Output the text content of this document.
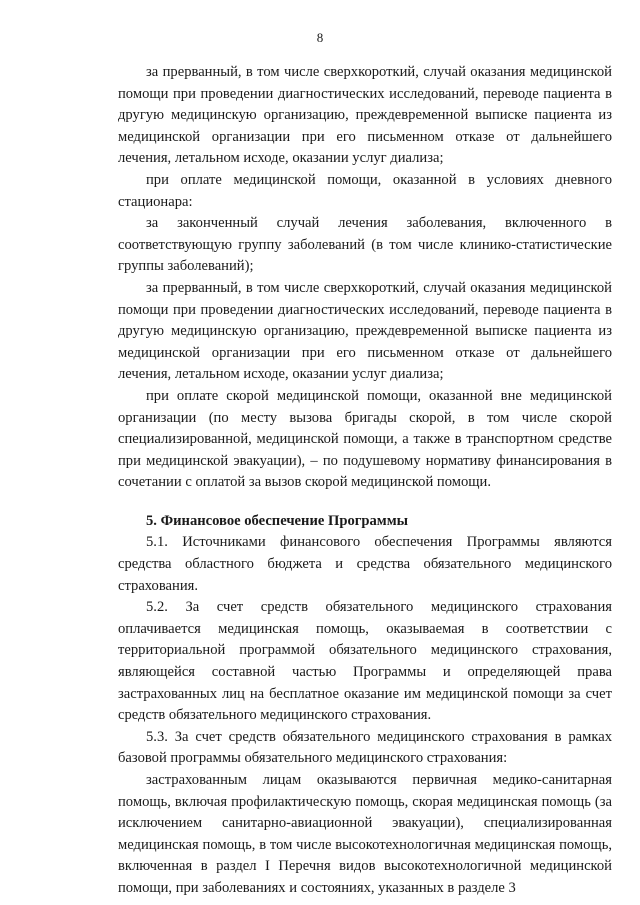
8

за прерванный, в том числе сверхкороткий, случай оказания медицинской помощи при проведении диагностических исследований, переводе пациента в другую медицинскую организацию, преждевременной выписке пациента из медицинской организации при его письменном отказе от дальнейшего лечения, летальном исходе, оказании услуг диализа;

при оплате медицинской помощи, оказанной в условиях дневного стационара:

за законченный случай лечения заболевания, включенного в соответствующую группу заболеваний (в том числе клинико-статистические группы заболеваний);

за прерванный, в том числе сверхкороткий, случай оказания медицинской помощи при проведении диагностических исследований, переводе пациента в другую медицинскую организацию, преждевременной выписке пациента из медицинской организации при его письменном отказе от дальнейшего лечения, летальном исходе, оказании услуг диализа;

при оплате скорой медицинской помощи, оказанной вне медицинской организации (по месту вызова бригады скорой, в том числе скорой специализированной, медицинской помощи, а также в транспортном средстве при медицинской эвакуации), – по подушевому нормативу финансирования в сочетании с оплатой за вызов скорой медицинской помощи.

5. Финансовое обеспечение Программы

5.1. Источниками финансового обеспечения Программы являются средства областного бюджета и средства обязательного медицинского страхования.

5.2. За счет средств обязательного медицинского страхования оплачивается медицинская помощь, оказываемая в соответствии с территориальной программой обязательного медицинского страхования, являющейся составной частью Программы и определяющей права застрахованных лиц на бесплатное оказание им медицинской помощи за счет средств обязательного медицинского страхования.

5.3. За счет средств обязательного медицинского страхования в рамках базовой программы обязательного медицинского страхования:

застрахованным лицам оказываются первичная медико-санитарная помощь, включая профилактическую помощь, скорая медицинская помощь (за исключением санитарно-авиационной эвакуации), специализированная медицинская помощь, в том числе высокотехнологичная медицинская помощь, включенная в раздел I Перечня видов высокотехнологичной медицинской помощи, при заболеваниях и состояниях, указанных в разделе 3
